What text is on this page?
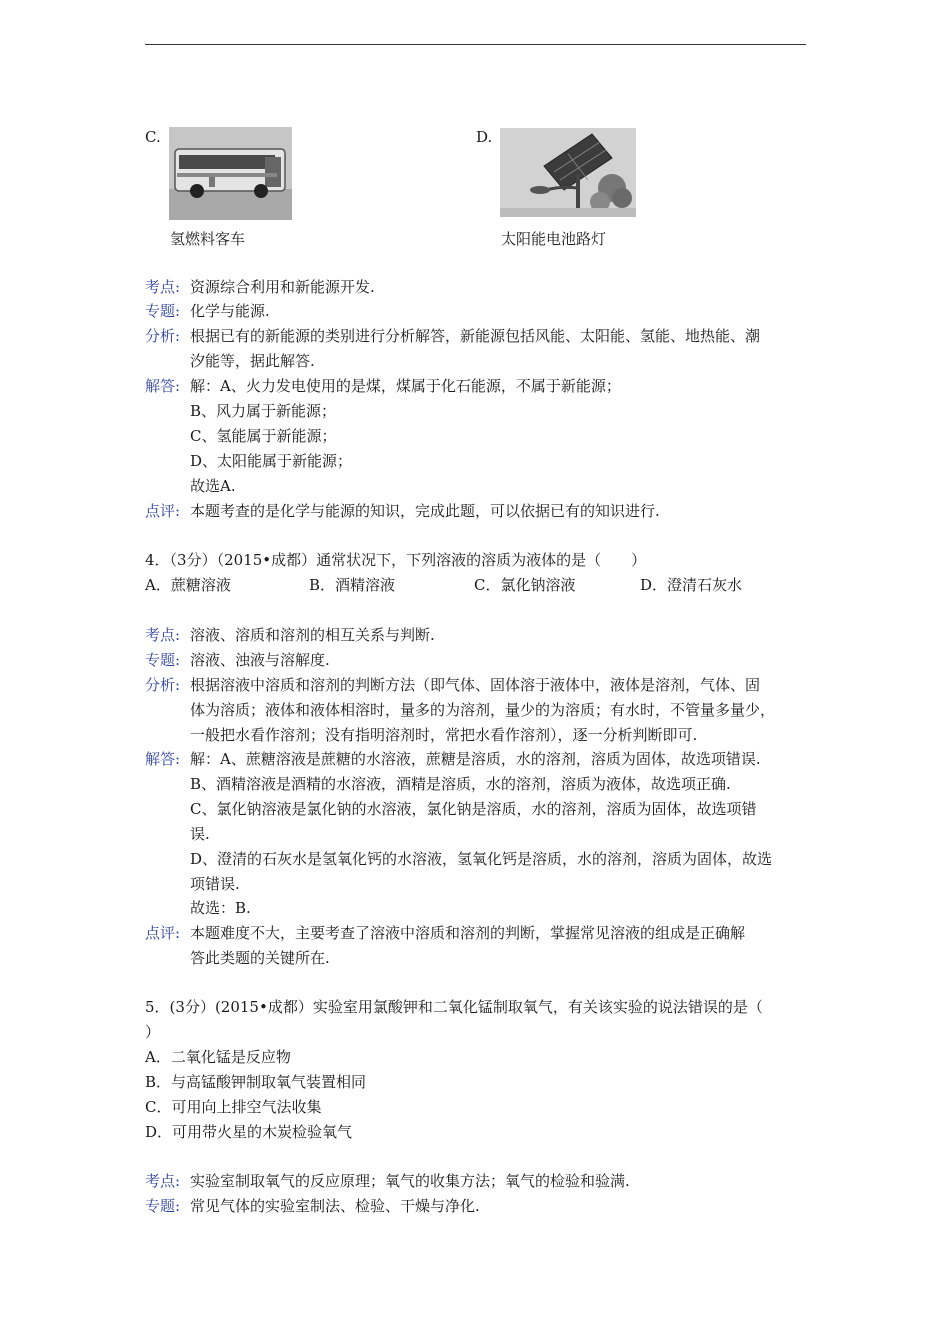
C.
氢燃料客车
D.
太阳能电池路灯
考点: 资源综合利用和新能源开发.
专题: 化学与能源.
分析: 根据已有的新能源的类别进行分析解答，新能源包括风能、太阳能、氢能、地热能、潮
汐能等，据此解答.
解答: 解：A、火力发电使用的是煤，煤属于化石能源，不属于新能源；
B、风力属于新能源；
C、氢能属于新能源；
D、太阳能属于新能源；
故选A.
点评: 本题考查的是化学与能源的知识，完成此题，可以依据已有的知识进行.
4．（3分）（2015•成都）通常状况下，下列溶液的溶质为液体的是（　　）
A．蔗糖溶液	B．酒精溶液	C．氯化钠溶液	D．澄清石灰水
考点: 溶液、溶质和溶剂的相互关系与判断.
专题: 溶液、浊液与溶解度.
分析: 根据溶液中溶质和溶剂的判断方法（即气体、固体溶于液体中，液体是溶剂，气体、固
体为溶质；液体和液体相溶时，量多的为溶剂，量少的为溶质；有水时，不管量多量少，
一般把水看作溶剂；没有指明溶剂时，常把水看作溶剂），逐一分析判断即可.
解答: 解：A、蔗糖溶液是蔗糖的水溶液，蔗糖是溶质，水的溶剂，溶质为固体，故选项错误.
B、酒精溶液是酒精的水溶液，酒精是溶质，水的溶剂，溶质为液体，故选项正确.
C、氯化钠溶液是氯化钠的水溶液，氯化钠是溶质，水的溶剂，溶质为固体，故选项错
误.
D、澄清的石灰水是氢氧化钙的水溶液，氢氧化钙是溶质，水的溶剂，溶质为固体，故选
项错误.
故选：B.
点评: 本题难度不大，主要考查了溶液中溶质和溶剂的判断，掌握常见溶液的组成是正确解
答此类题的关键所在.
5．(3分）(2015•成都）实验室用氯酸钾和二氧化锰制取氧气，有关该实验的说法错误的是（
）
A．二氧化锰是反应物
B．与高锰酸钾制取氧气装置相同
C．可用向上排空气法收集
D．可用带火星的木炭检验氧气
考点: 实验室制取氧气的反应原理；氧气的收集方法；氧气的检验和验满.
专题: 常见气体的实验室制法、检验、干燥与净化.
